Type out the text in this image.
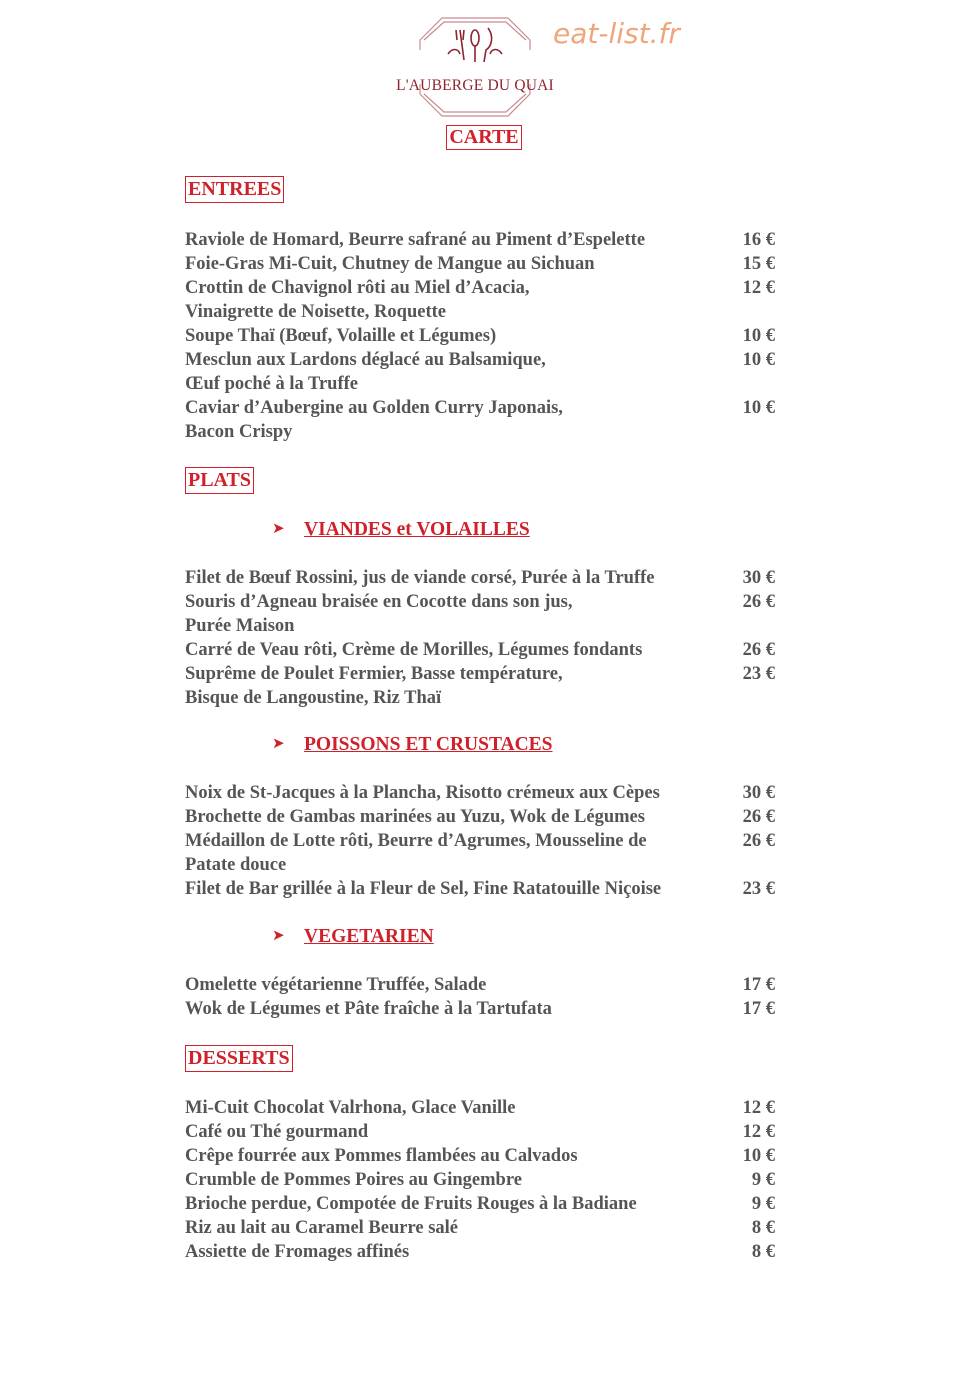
L'AUBERGE DU QUAI
eat-list.fr
CARTE
ENTREES
Raviole de Homard, Beurre safrané au Piment d’Espelette	16 €
Foie-Gras Mi-Cuit, Chutney de Mangue au Sichuan	15 €
Crottin de Chavignol rôti au Miel d’Acacia,
Vinaigrette de Noisette, Roquette
12 €
Soupe Thaï (Bœuf, Volaille et Légumes)	10 €
Mesclun aux Lardons déglacé au Balsamique,
Œuf poché à la Truffe
10 €
Caviar d’Aubergine au Golden Curry Japonais,
Bacon Crispy
10 €
PLATS
➤ VIANDES et VOLAILLES
Filet de Bœuf Rossini, jus de viande corsé, Purée à la Truffe	30 €
Souris d’Agneau braisée en Cocotte dans son jus,
Purée Maison
26 €
Carré de Veau rôti, Crème de Morilles, Légumes fondants	26 €
Suprême de Poulet Fermier, Basse température,
Bisque de Langoustine, Riz Thaï
23 €
➤ POISSONS ET CRUSTACES
Noix de St-Jacques à la Plancha, Risotto crémeux aux Cèpes	30 €
Brochette de Gambas marinées au Yuzu, Wok de Légumes	26 €
Médaillon de Lotte rôti, Beurre d’Agrumes, Mousseline de
Patate douce
26 €
Filet de Bar grillée à la Fleur de Sel, Fine Ratatouille Niçoise	23 €
➤ VEGETARIEN
Omelette végétarienne Truffée, Salade	17 €
Wok de Légumes et Pâte fraîche à la Tartufata	17 €
DESSERTS
Mi-Cuit Chocolat Valrhona, Glace Vanille	12 €
Café ou Thé gourmand	12 €
Crêpe fourrée aux Pommes flambées au Calvados	10 €
Crumble de Pommes Poires au Gingembre	9 €
Brioche perdue, Compotée de Fruits Rouges à la Badiane	9 €
Riz au lait au Caramel Beurre salé	8 €
Assiette de Fromages affinés	8 €
